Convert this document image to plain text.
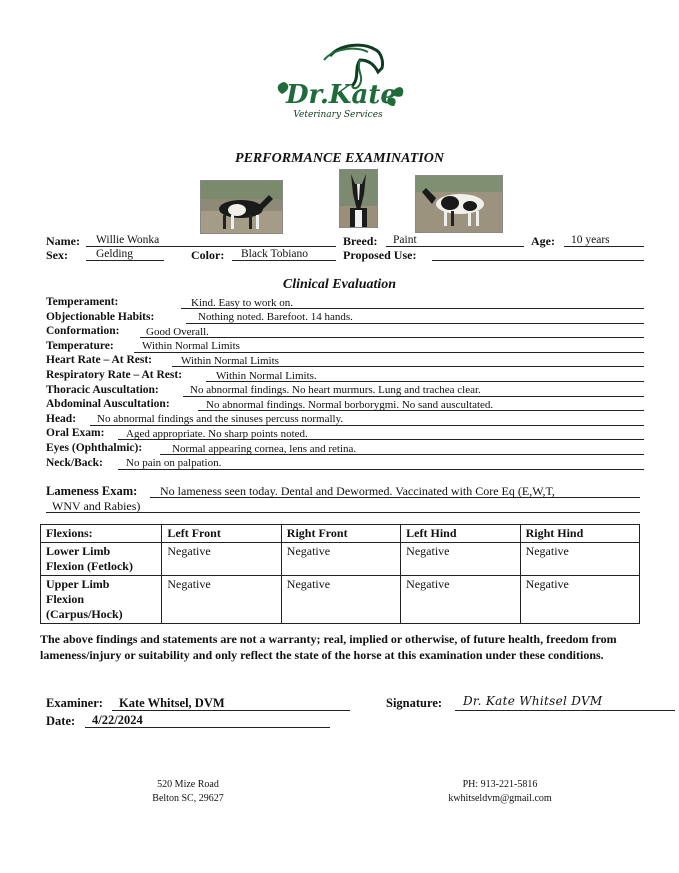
Dr.Kate
Veterinary Services
PERFORMANCE EXAMINATION
Name: Willie Wonka	Breed: Paint	Age: 10 years
Sex: Gelding	Color: Black Tobiano	Proposed Use:
Clinical Evaluation
Temperament:	Kind. Easy to work on.
Objectionable Habits:	Nothing noted. Barefoot. 14 hands.
Conformation: Good Overall.
Temperature:	Within Normal Limits
Heart Rate – At Rest:	Within Normal Limits
Respiratory Rate – At Rest:	Within Normal Limits.
Thoracic Auscultation:	No abnormal findings. No heart murmurs. Lung and trachea clear.
Abdominal Auscultation:	No abnormal findings. Normal borborygmi. No sand auscultated.
Head: No abnormal findings and the sinuses percuss normally.
Oral Exam: Aged appropriate. No sharp points noted.
Eyes (Ophthalmic):	Normal appearing cornea, lens and retina.
Neck/Back: No pain on palpation.
Lameness Exam: No lameness seen today. Dental and Dewormed. Vaccinated with Core Eq (E,W,T,
WNV and Rabies)
Flexions:	Left Front	Right Front	Left Hind	Right Hind

Lower Limb
Flexion (Fetlock)	Negative	Negative	Negative	Negative

Upper Limb
Flexion
(Carpus/Hock)	Negative	Negative	Negative	Negative
The above findings and statements are not a warranty; real, implied or otherwise, of future health, freedom from lameness/injury or suitability and only reflect the state of the horse at this examination under these conditions.
Examiner: Kate Whitsel, DVM	Signature: Dr. Kate Whitsel DVM
Date: 4/22/2024
520 Mize Road
Belton SC, 29627
PH: 913-221-5816
kwhitseldvm@gmail.com
